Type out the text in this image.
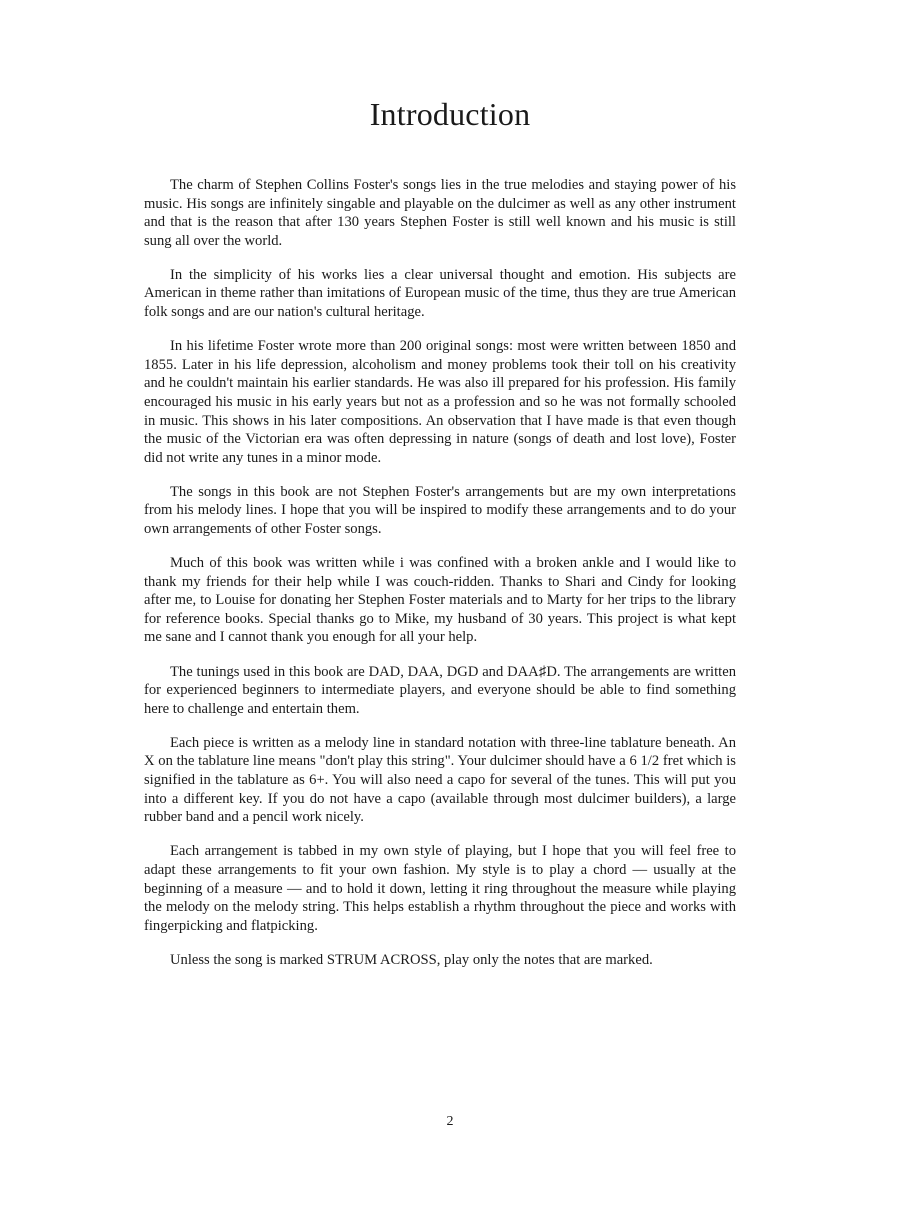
Introduction

The charm of Stephen Collins Foster's songs lies in the true melodies and staying power of his music. His songs are infinitely singable and playable on the dulcimer as well as any other instrument and that is the reason that after 130 years Stephen Foster is still well known and his music is still sung all over the world.

In the simplicity of his works lies a clear universal thought and emotion. His subjects are American in theme rather than imitations of European music of the time, thus they are true American folk songs and are our nation's cultural heritage.

In his lifetime Foster wrote more than 200 original songs: most were written between 1850 and 1855. Later in his life depression, alcoholism and money problems took their toll on his creativity and he couldn't maintain his earlier standards. He was also ill prepared for his profession. His family encouraged his music in his early years but not as a profession and so he was not formally schooled in music. This shows in his later compositions. An observation that I have made is that even though the music of the Victorian era was often depressing in nature (songs of death and lost love), Foster did not write any tunes in a minor mode.

The songs in this book are not Stephen Foster's arrangements but are my own interpretations from his melody lines. I hope that you will be inspired to modify these arrangements and to do your own arrangements of other Foster songs.

Much of this book was written while i was confined with a broken ankle and I would like to thank my friends for their help while I was couch-ridden. Thanks to Shari and Cindy for looking after me, to Louise for donating her Stephen Foster materials and to Marty for her trips to the library for reference books. Special thanks go to Mike, my husband of 30 years. This project is what kept me sane and I cannot thank you enough for all your help.

The tunings used in this book are DAD, DAA, DGD and DAA♯D. The arrangements are written for experienced beginners to intermediate players, and everyone should be able to find something here to challenge and entertain them.

Each piece is written as a melody line in standard notation with three-line tablature beneath. An X on the tablature line means "don't play this string". Your dulcimer should have a 6 1/2 fret which is signified in the tablature as 6+. You will also need a capo for several of the tunes. This will put you into a different key. If you do not have a capo (available through most dulcimer builders), a large rubber band and a pencil work nicely.

Each arrangement is tabbed in my own style of playing, but I hope that you will feel free to adapt these arrangements to fit your own fashion. My style is to play a chord — usually at the beginning of a measure — and to hold it down, letting it ring throughout the measure while playing the melody on the melody string. This helps establish a rhythm throughout the piece and works with fingerpicking and flatpicking.

Unless the song is marked STRUM ACROSS, play only the notes that are marked.

2
